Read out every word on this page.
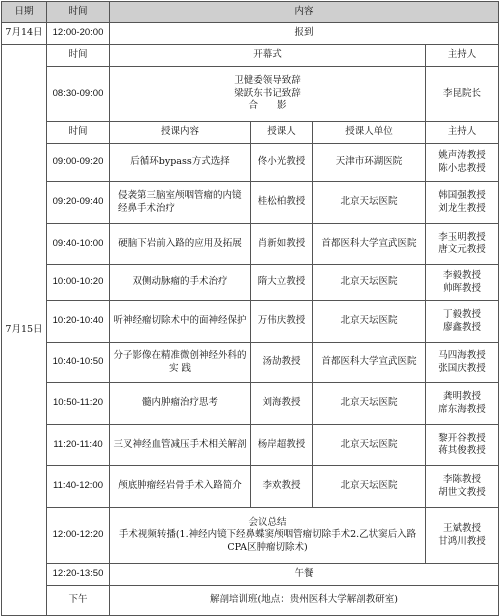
日期	时间	内容			
7月14日	12:00-20:00	报到			
7月15日	时间	开幕式			主持人
	08:30-09:00	卫健委领导致辞
梁跃东书记致辞
合　　影			李昆院长
	时间	授课内容	授课人	授课人单位	主持人
	09:00-09:20	后循环bypass方式选择	佟小光教授	天津市环湖医院	姚声涛教授
陈小忠教授

	09:20-09:40	侵袭第三脑室颅咽管瘤的内镜经鼻手术治疗	桂松柏教授	北京天坛医院	韩国强教授
刘龙生教授

	09:40-10:00	硬脑下岩前入路的应用及拓展	肖新如教授	首都医科大学宣武医院	李玉明教授
唐文元教授

	10:00-10:20	双侧动脉瘤的手术治疗	隋大立教授	北京天坛医院	李毅教授
帅晖教授

	10:20-10:40	听神经瘤切除术中的面神经保护	万伟庆教授	北京天坛医院	丁毅教授
廖鑫教授

	10:40-10:50	分子影像在精准微创神经外科的实 践	汤劼教授	首都医科大学宣武医院	马四海教授
张国庆教授

	10:50-11:20	髓内肿瘤治疗思考	刘海教授	北京天坛医院	龚明教授
席东海教授

	11:20-11:40	三叉神经血管减压手术相关解剖	杨岸超教授	北京天坛医院	黎开谷教授
蒋其俊教授

	11:40-12:00	颅底肿瘤经岩骨手术入路简介	李欢教授	北京天坛医院	李陈教授
胡世文教授

	12:00-12:20	会议总结
手术视频转播(1.神经内镜下经鼻蝶窦颅咽管瘤切除手术2.乙状窦后入路
CPA区肿瘤切除术)			王斌教授
甘鸿川教授

	12:20-13:50	午餐			
	下午	解剖培训班(地点：贵州医科大学解剖教研室)			
